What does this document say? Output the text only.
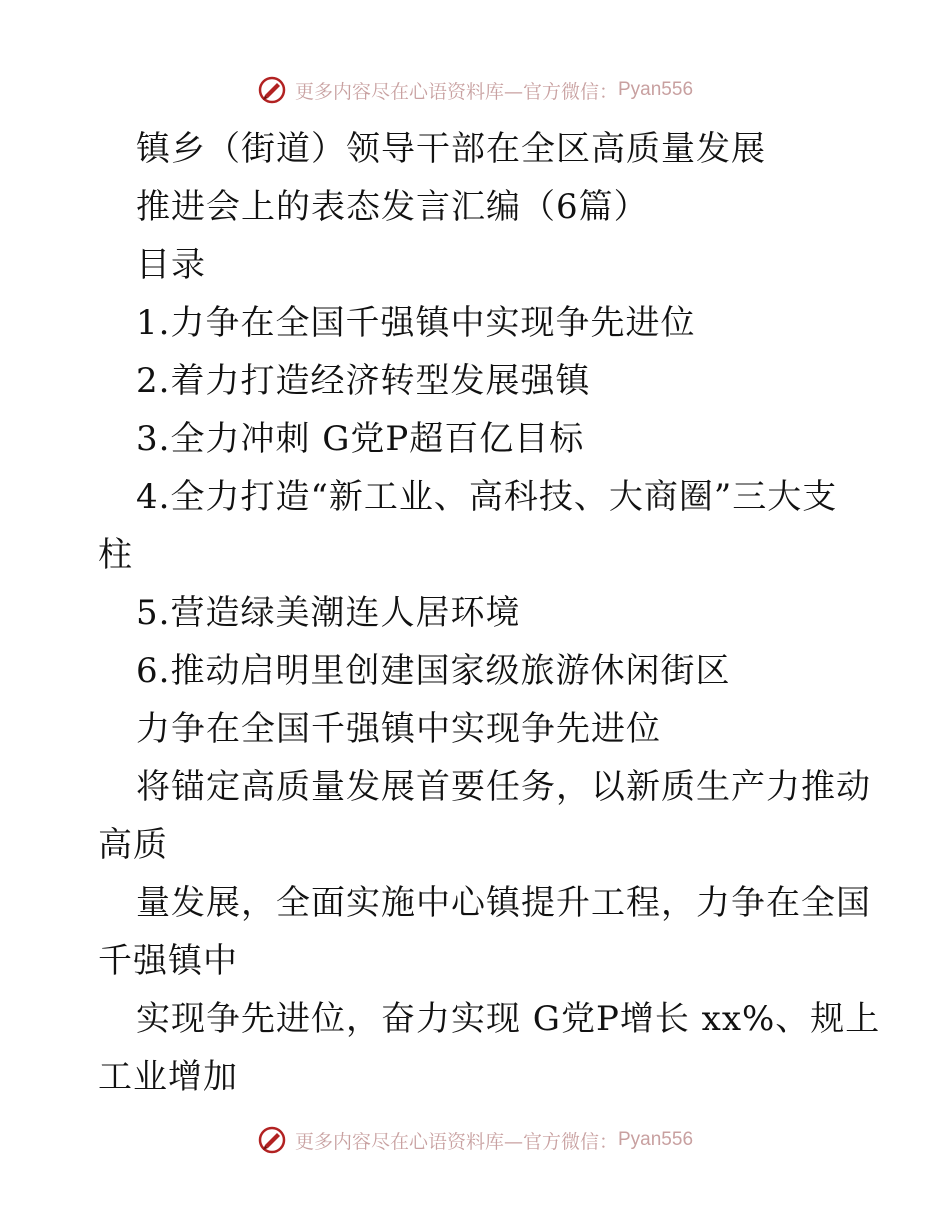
更多内容尽在心语资料库—官方微信： Pyan556
镇乡（街道）领导干部在全区高质量发展
推进会上的表态发言汇编（6篇）
目录
1.力争在全国千强镇中实现争先进位
2.着力打造经济转型发展强镇
3.全力冲刺 G党P超百亿目标
4.全力打造“新工业、高科技、大商圈”三大支
柱
5.营造绿美潮连人居环境
6.推动启明里创建国家级旅游休闲街区
力争在全国千强镇中实现争先进位
将锚定高质量发展首要任务，以新质生产力推动
高质
量发展，全面实施中心镇提升工程，力争在全国
千强镇中
实现争先进位，奋力实现 G党P增长 xx%、规上
工业增加
更多内容尽在心语资料库—官方微信： Pyan556
